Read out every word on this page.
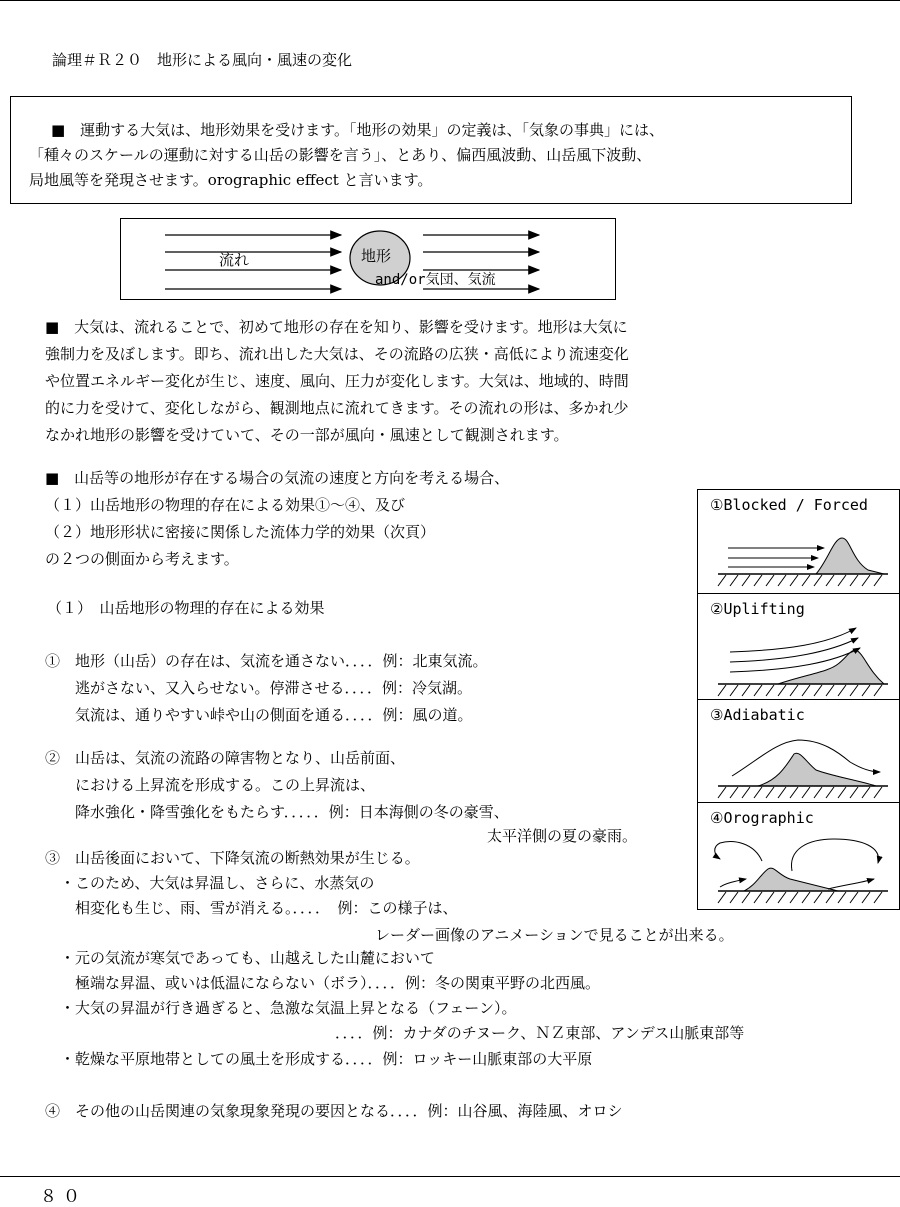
論理＃Ｒ２０　地形による風向・風速の変化
■　運動する大気は、地形効果を受けます。「地形の効果」の定義は、「気象の事典」には、
「種々のスケールの運動に対する山岳の影響を言う」、とあり、偏西風波動、山岳風下波動、
局地風等を発現させます。orographic effect と言います。
流れ	地形
and/or気団、気流
■　大気は、流れることで、初めて地形の存在を知り、影響を受けます。地形は大気に
強制力を及ぼします。即ち、流れ出した大気は、その流路の広狭・高低により流速変化
や位置エネルギー変化が生じ、速度、風向、圧力が変化します。大気は、地域的、時間
的に力を受けて、変化しながら、観測地点に流れてきます。その流れの形は、多かれ少
なかれ地形の影響を受けていて、その一部が風向・風速として観測されます。
■　山岳等の地形が存在する場合の気流の速度と方向を考える場合、
（１）山岳地形の物理的存在による効果①～④、及び
（２）地形形状に密接に関係した流体力学的効果（次頁）
の２つの側面から考えます。
（１）　山岳地形の物理的存在による効果
①　地形（山岳）の存在は、気流を通さない．．．．例：北東気流。
　　逃がさない、又入らせない。停滞させる．．．．例：冷気湖。
　　気流は、通りやすい峠や山の側面を通る．．．．例：風の道。
②　山岳は、気流の流路の障害物となり、山岳前面、
　　における上昇流を形成する。この上昇流は、
　　降水強化・降雪強化をもたらす．．．．．例：日本海側の冬の豪雪、
太平洋側の夏の豪雨。
③　山岳後面において、下降気流の断熱効果が生じる。
　・このため、大気は昇温し、さらに、水蒸気の
　　相変化も生じ、雨、雪が消える。．．．．　例：この様子は、
レーダー画像のアニメーションで見ることが出来る。
　・元の気流が寒気であっても、山越えした山麓において
　　極端な昇温、或いは低温にならない（ボラ）．．．．例：冬の関東平野の北西風。
　・大気の昇温が行き過ぎると、急激な気温上昇となる（フェーン）。
．．．．例：カナダのチヌーク、ＮＺ東部、アンデス山脈東部等
　・乾燥な平原地帯としての風土を形成する．．．．例：ロッキー山脈東部の大平原
④　その他の山岳関連の気象現象発現の要因となる．．．．例：山谷風、海陸風、オロシ
①Blocked / Forced
②Uplifting
③Adiabatic
④Orographic
８０
